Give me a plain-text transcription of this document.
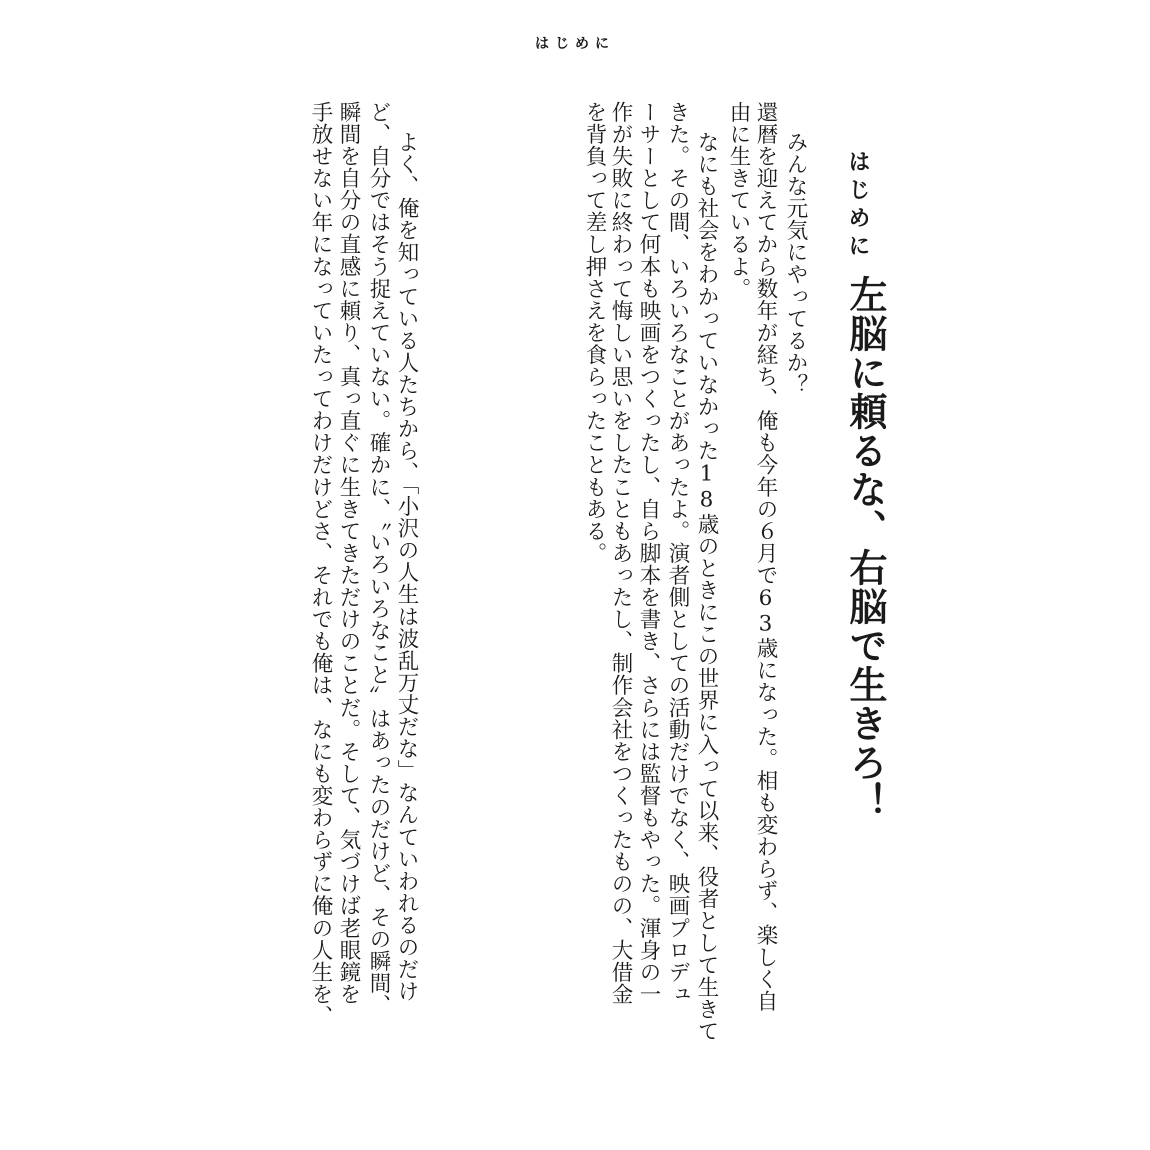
はじめに
はじめに
左脳に頼るな、右脳で生きろ！
みんな元気にやってるか？
還暦を迎えてから数年が経ち、俺も今年の６月で63歳になった。相も変わらず、楽しく自
由に生きているよ。
なにも社会をわかっていなかった18歳のときにこの世界に入って以来、役者として生きて
きた。その間、いろいろなことがあったよ。演者側としての活動だけでなく、映画プロデュ
ーサーとして何本も映画をつくったし、自ら脚本を書き、さらには監督もやった。渾身の一
作が失敗に終わって悔しい思いをしたこともあったし、制作会社をつくったものの、大借金
を背負って差し押さえを食らったこともある。
よく、俺を知っている人たちから、「小沢の人生は波乱万丈だな」なんていわれるのだけ
ど、自分ではそう捉えていない。確かに、〝いろいろなこと〟はあったのだけど、その瞬間、
瞬間を自分の直感に頼り、真っ直ぐに生きてきただけのことだ。そして、気づけば老眼鏡を
手放せない年になっていたってわけだけどさ、それでも俺は、なにも変わらずに俺の人生を、
